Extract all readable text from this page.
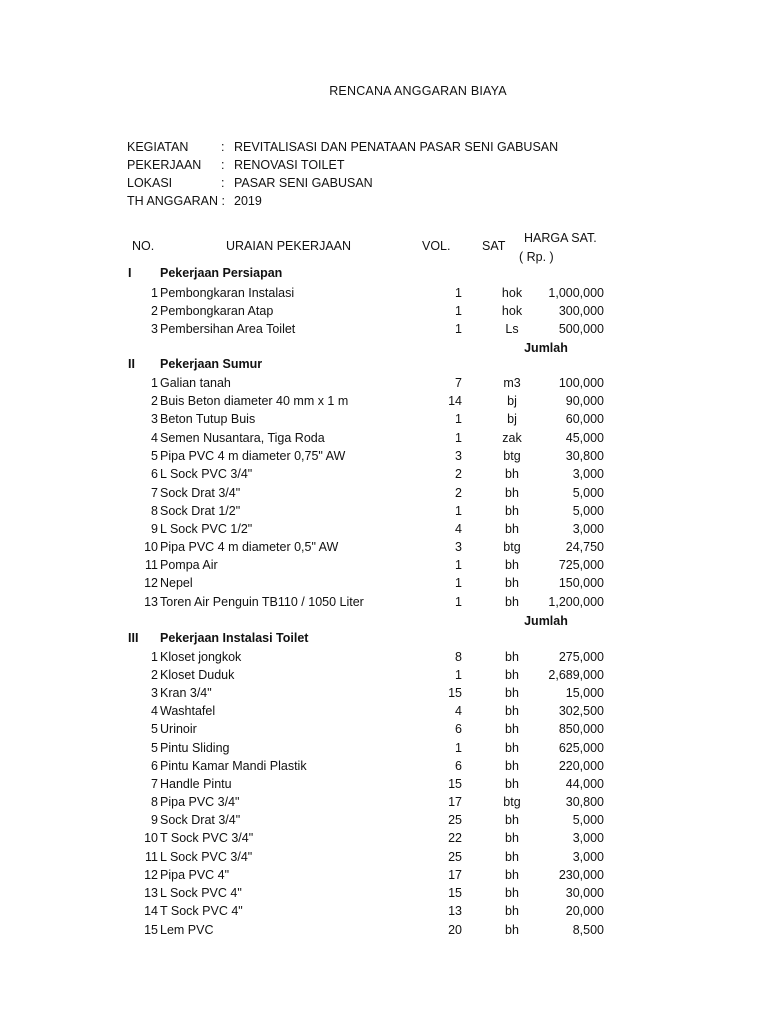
RENCANA ANGGARAN BIAYA
KEGIATAN	: REVITALISASI DAN PENATAAN PASAR SENI GABUSAN
PEKERJAAN : RENOVASI TOILET
LOKASI	: PASAR SENI GABUSAN
TH ANGGARAN : 2019
NO.	URAIAN PEKERJAAN	VOL.	SAT
HARGA SAT.
( Rp. )
I Pekerjaan Persiapan
1 Pembongkaran Instalasi	1	hok	1,000,000
2 Pembongkaran Atap	1	hok	300,000
3 Pembersihan Area Toilet	1	Ls	500,000
Jumlah
II Pekerjaan Sumur
1 Galian tanah	7	m3	100,000
2 Buis Beton diameter 40 mm x 1 m	14	bj	90,000
3 Beton Tutup Buis	1	bj	60,000
4 Semen Nusantara, Tiga Roda	1	zak	45,000
5 Pipa PVC 4 m diameter 0,75" AW	3	btg	30,800
6 L Sock PVC 3/4"	2	bh	3,000
7 Sock Drat 3/4"	2	bh	5,000
8 Sock Drat 1/2"	1	bh	5,000
9 L Sock PVC 1/2"	4	bh	3,000
10 Pipa PVC 4 m diameter 0,5" AW	3	btg	24,750
11 Pompa Air	1	bh	725,000
12 Nepel	1	bh	150,000
13 Toren Air Penguin TB110 / 1050 Liter	1	bh	1,200,000
Jumlah
III Pekerjaan Instalasi Toilet
1 Kloset jongkok	8	bh	275,000
2 Kloset Duduk	1	bh	2,689,000
3 Kran 3/4"	15	bh	15,000
4 Washtafel	4	bh	302,500
5 Urinoir	6	bh	850,000
5 Pintu Sliding	1	bh	625,000
6 Pintu Kamar Mandi Plastik	6	bh	220,000
7 Handle Pintu	15	bh	44,000
8 Pipa PVC 3/4"	17	btg	30,800
9 Sock Drat 3/4"	25	bh	5,000
10 T Sock PVC 3/4"	22	bh	3,000
11 L Sock PVC 3/4"	25	bh	3,000
12 Pipa PVC 4"	17	bh	230,000
13 L Sock PVC 4"	15	bh	30,000
14 T Sock PVC 4"	13	bh	20,000
15 Lem PVC	20	bh	8,500
